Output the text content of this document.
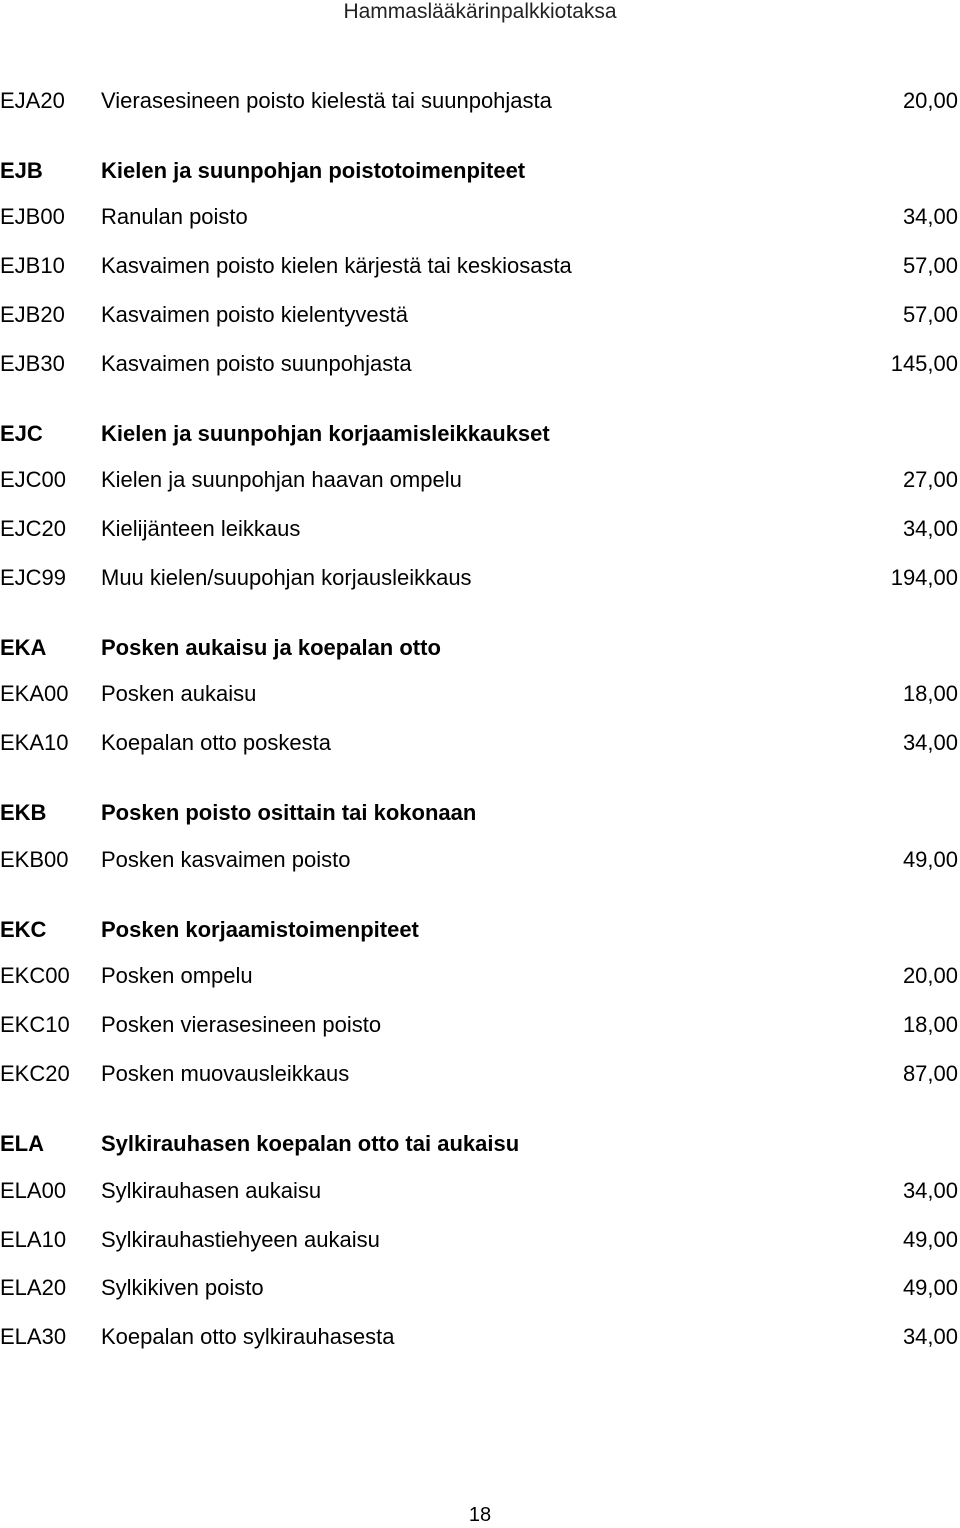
Hammaslääkärinpalkkiotaksa
EJA20 Vierasesineen poisto kielestä tai suunpohjasta	20,00
EJB	Kielen ja suunpohjan poistotoimenpiteet
EJB00 Ranulan poisto	34,00
EJB10 Kasvaimen poisto kielen kärjestä tai keskiosasta	57,00
EJB20 Kasvaimen poisto kielentyvestä	57,00
EJB30 Kasvaimen poisto suunpohjasta	145,00
EJC	Kielen ja suunpohjan korjaamisleikkaukset
EJC00 Kielen ja suunpohjan haavan ompelu	27,00
EJC20 Kielijänteen leikkaus	34,00
EJC99 Muu kielen/suupohjan korjausleikkaus	194,00
EKA Posken aukaisu ja koepalan otto
EKA00 Posken aukaisu	18,00
EKA10 Koepalan otto poskesta	34,00
EKB Posken poisto osittain tai kokonaan
EKB00 Posken kasvaimen poisto	49,00
EKC Posken korjaamistoimenpiteet
EKC00 Posken ompelu	20,00
EKC10 Posken vierasesineen poisto	18,00
EKC20 Posken muovausleikkaus	87,00
ELA	Sylkirauhasen koepalan otto tai aukaisu
ELA00 Sylkirauhasen aukaisu	34,00
ELA10 Sylkirauhastiehyeen aukaisu	49,00
ELA20 Sylkikiven poisto	49,00
ELA30 Koepalan otto sylkirauhasesta	34,00
18
